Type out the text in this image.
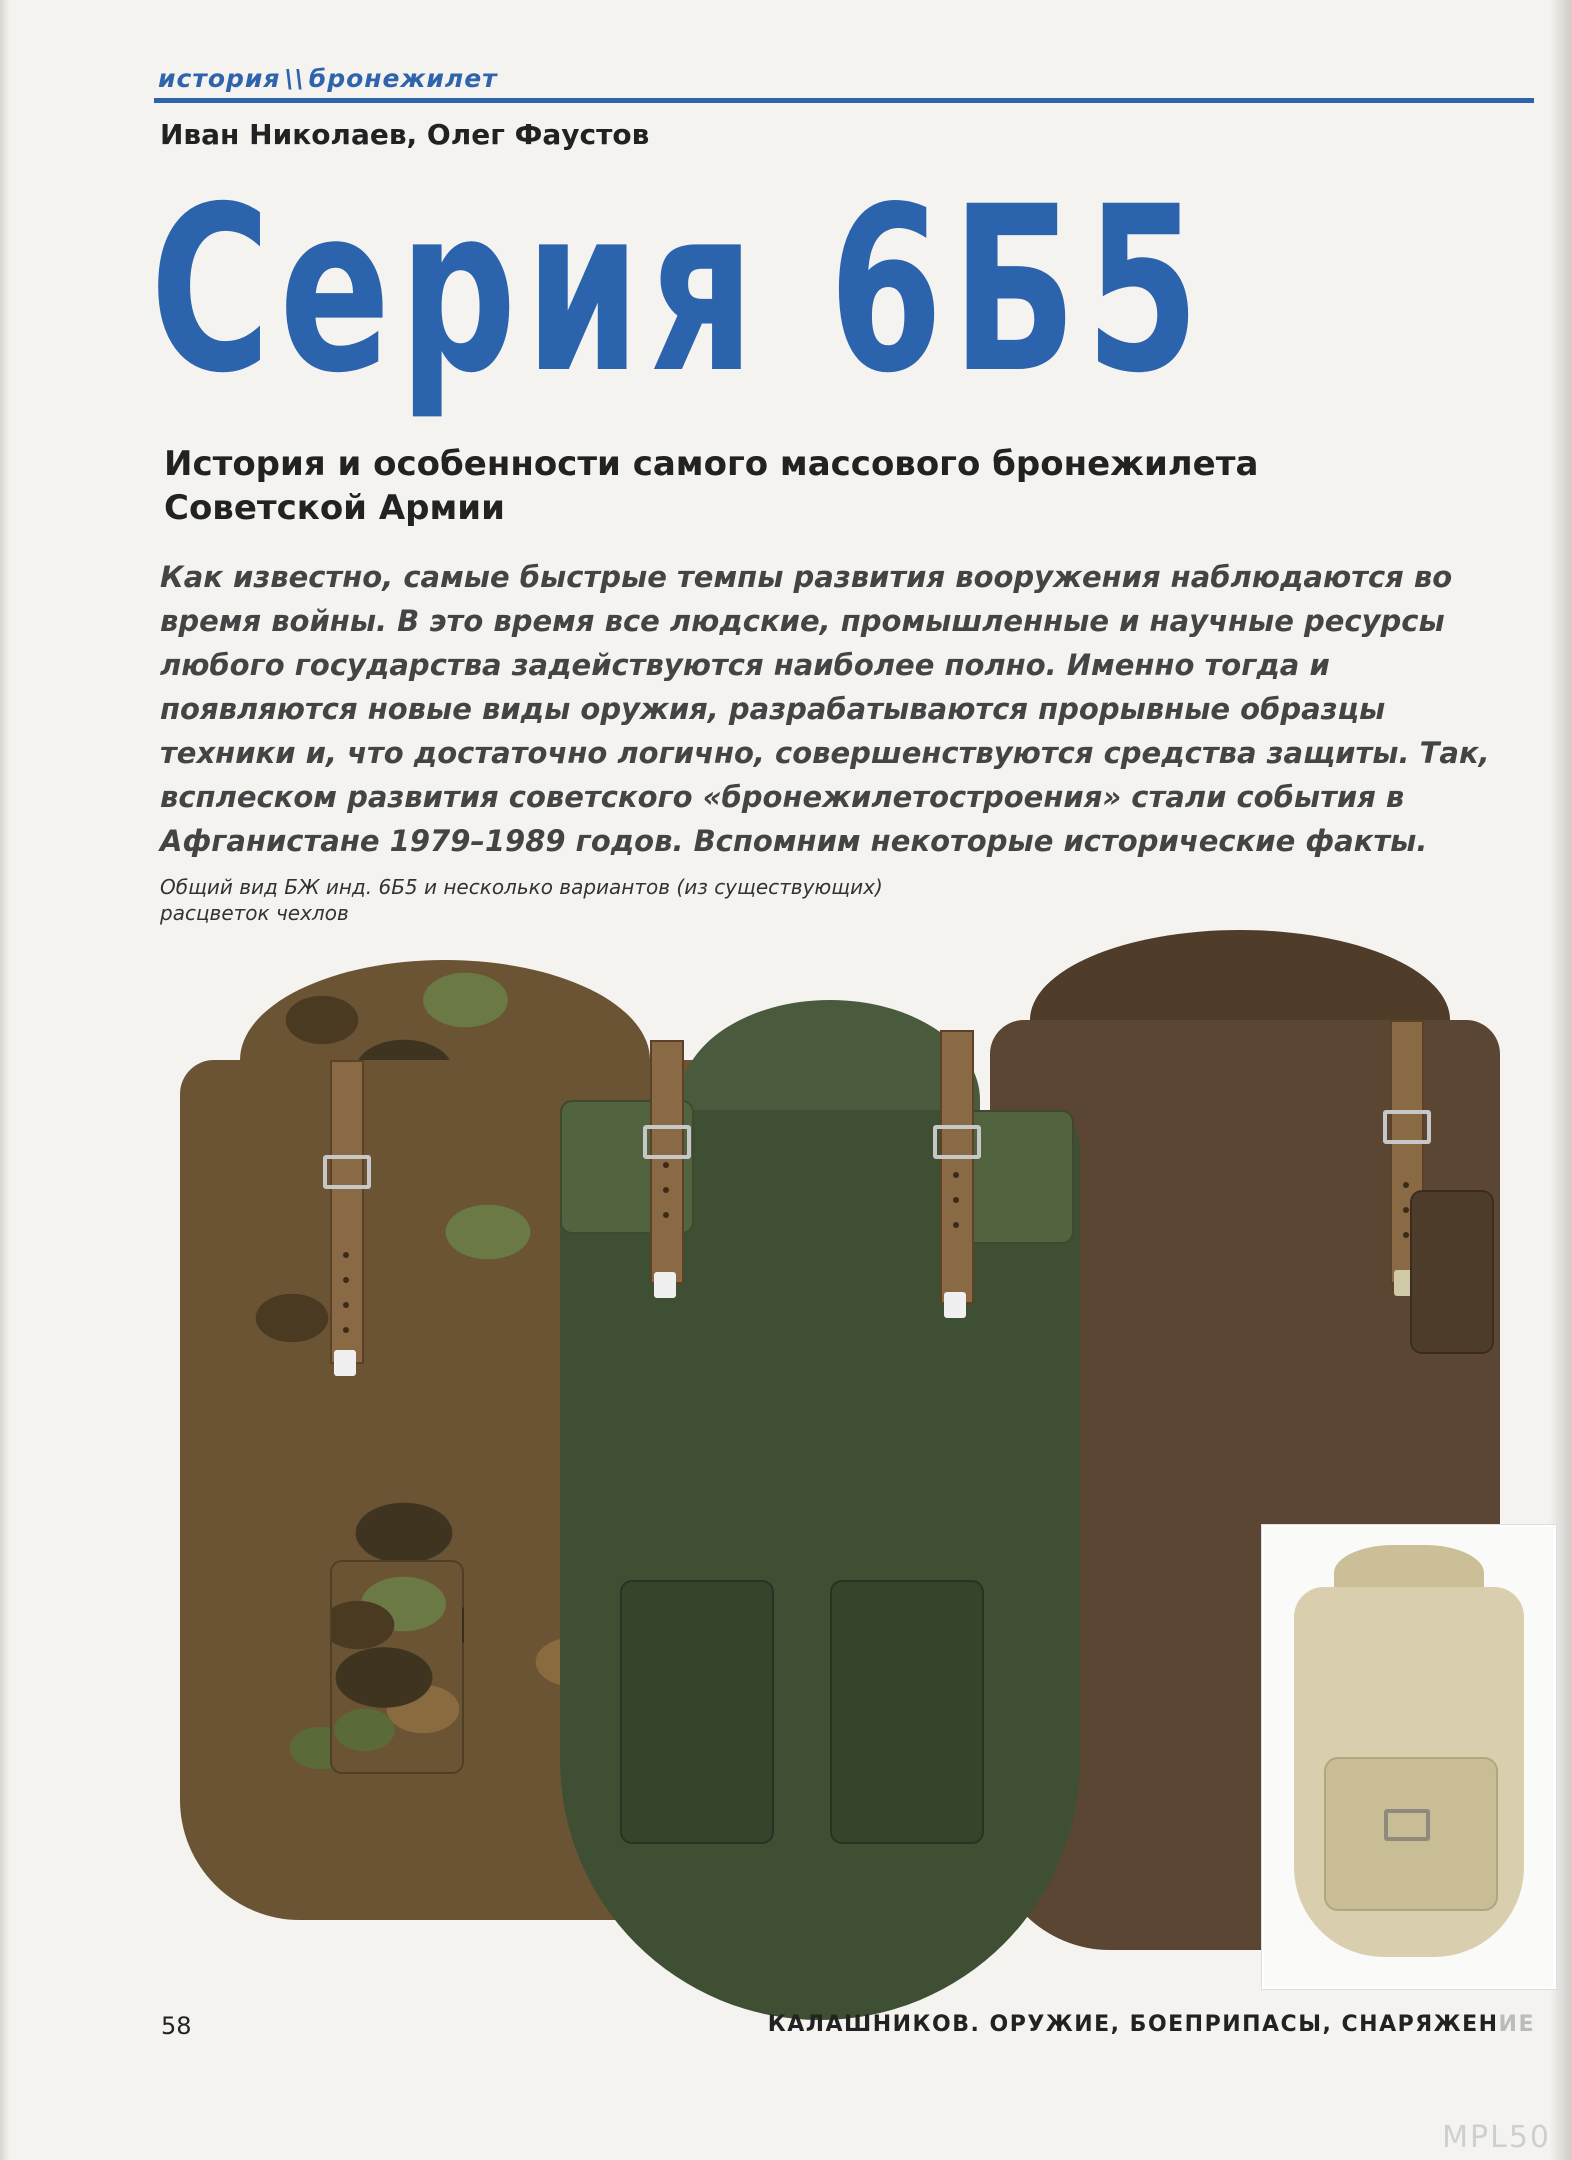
история \\ бронежилет
Иван Николаев, Олег Фаустов
Серия 6Б5
История и особенности самого массового бронежилета Советской Армии
Как известно, самые быстрые темпы развития вооружения наблюдаются во время войны. В это время все людские, промышленные и научные ресурсы любого государства задействуются наиболее полно. Именно тогда и появляются новые виды оружия, разрабатываются прорывные образцы техники и, что достаточно логично, совершенствуются средства защиты. Так, всплеском развития советского «бронежилетостроения» стали события в Афганистане 1979–1989 годов. Вспомним некоторые исторические факты.
Общий вид БЖ инд. 6Б5 и несколько вариантов (из существующих) расцветок чехлов
58	КАЛАШНИКОВ. ОРУЖИЕ, БОЕПРИПАСЫ, СНАРЯЖЕНИЕ
MPL50
